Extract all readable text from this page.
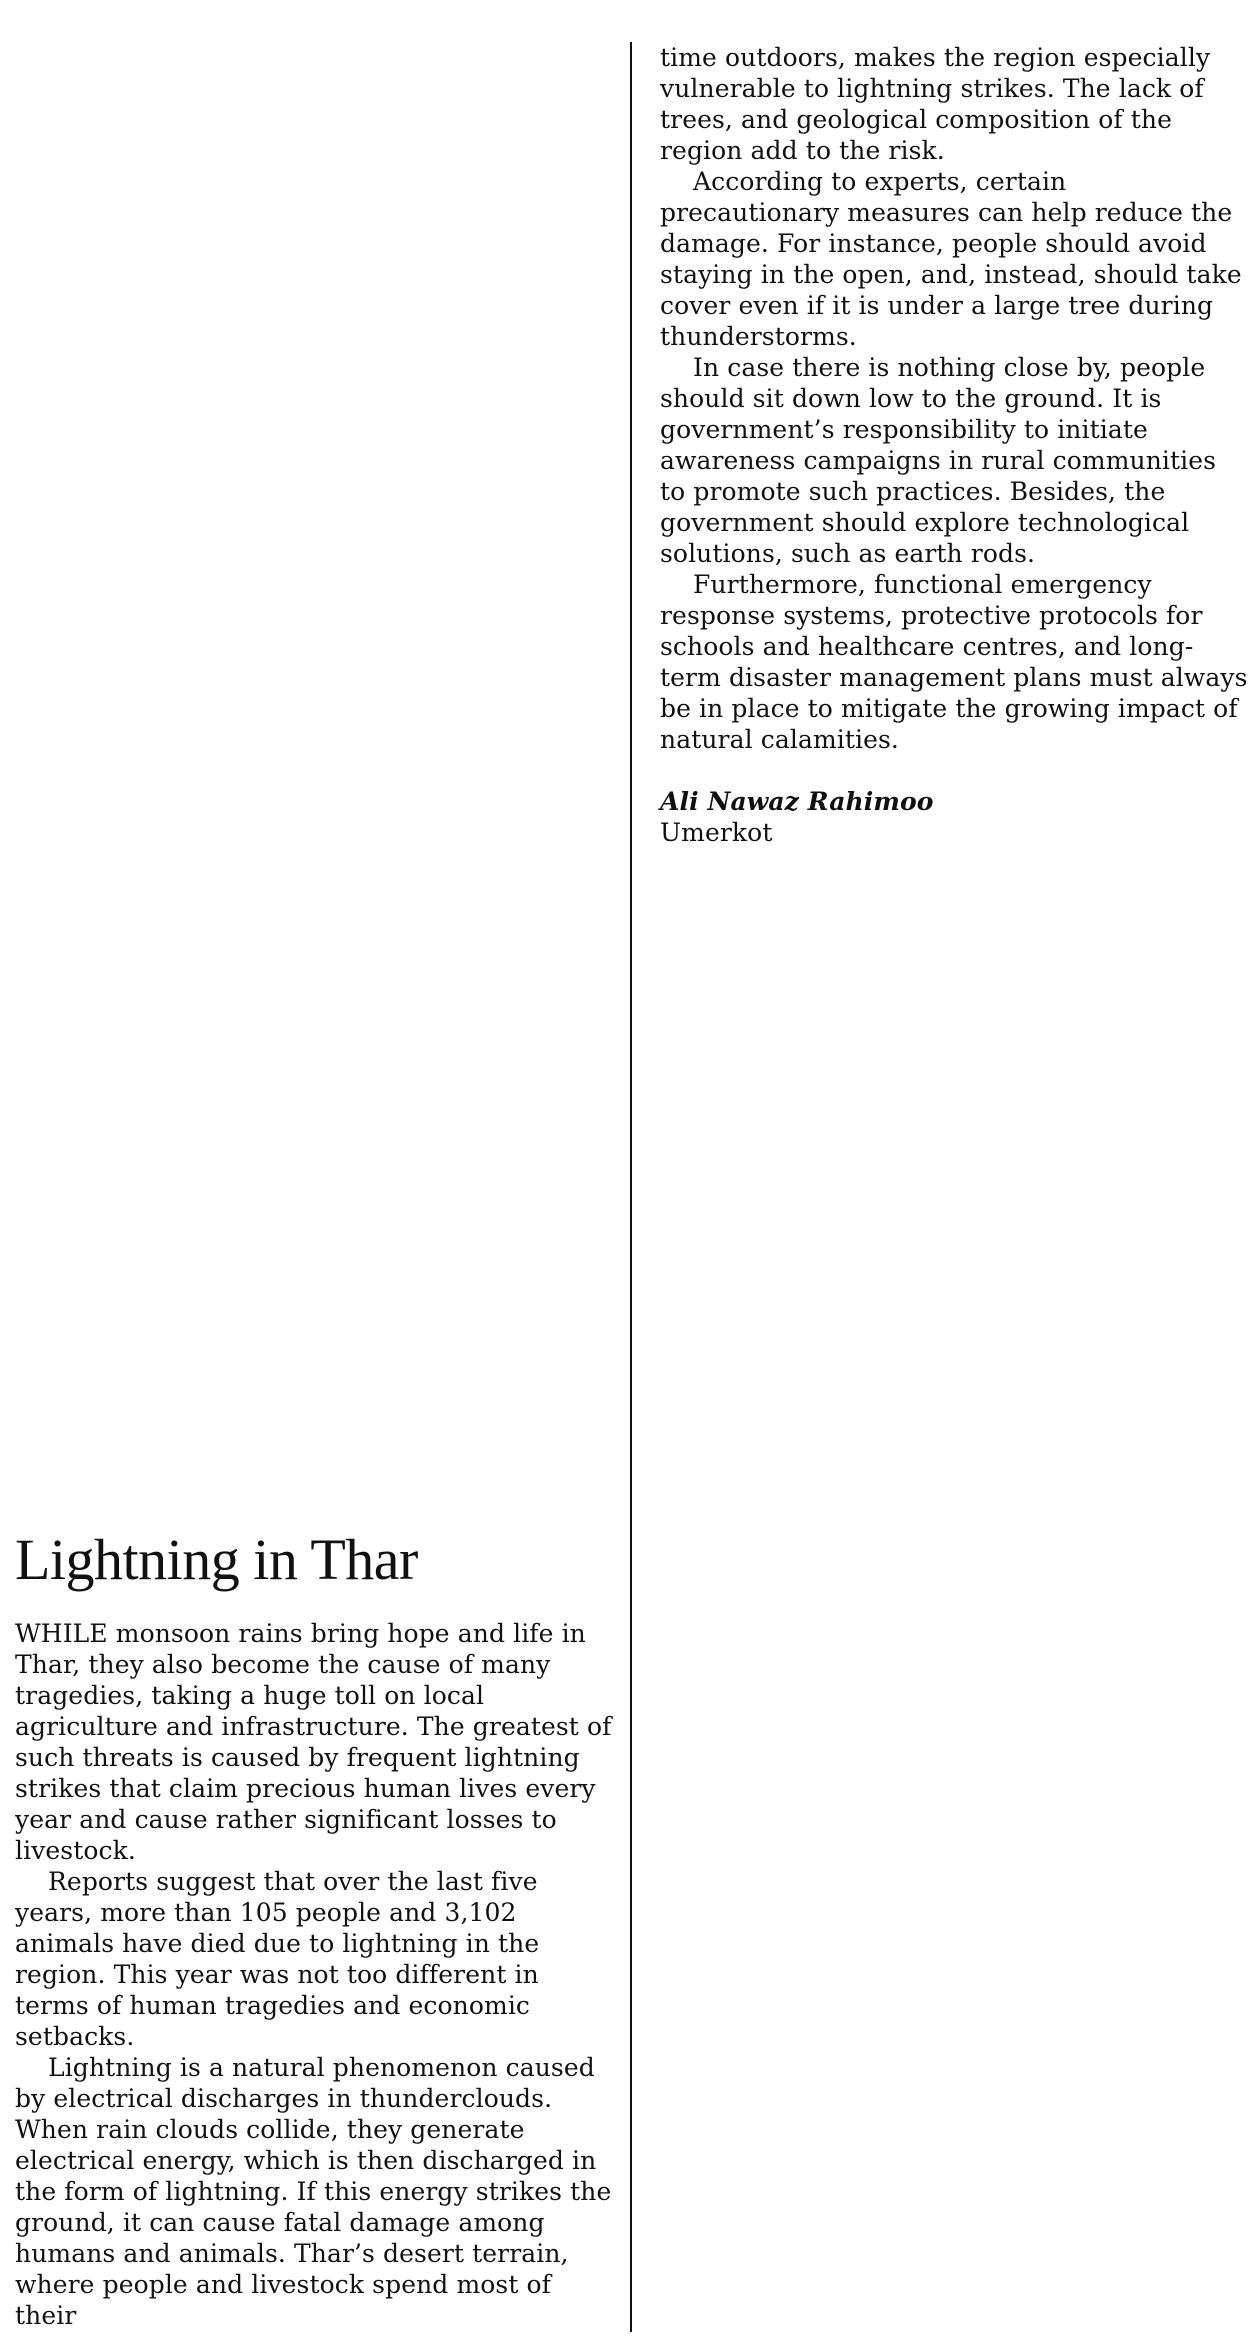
time outdoors, makes the region especially vulnerable to lightning strikes. The lack of trees, and geological composition of the region add to the risk.

According to experts, certain precautionary measures can help reduce the damage. For instance, people should avoid staying in the open, and, instead, should take cover even if it is under a large tree during thunderstorms.

In case there is nothing close by, people should sit down low to the ground. It is government’s responsibility to initiate awareness campaigns in rural communities to promote such practices. Besides, the government should explore technological solutions, such as earth rods.

Furthermore, functional emergency response systems, protective protocols for schools and healthcare centres, and long-term disaster management plans must always be in place to mitigate the growing impact of natural calamities.

Ali Nawaz Rahimoo
Umerkot
Lightning in Thar

WHILE monsoon rains bring hope and life in Thar, they also become the cause of many tragedies, taking a huge toll on local agriculture and infrastructure. The greatest of such threats is caused by frequent lightning strikes that claim precious human lives every year and cause rather significant losses to livestock.

Reports suggest that over the last five years, more than 105 people and 3,102 animals have died due to lightning in the region. This year was not too different in terms of human tragedies and economic setbacks.

Lightning is a natural phenomenon caused by electrical discharges in thunderclouds. When rain clouds collide, they generate electrical energy, which is then discharged in the form of lightning. If this energy strikes the ground, it can cause fatal damage among humans and animals. Thar’s desert terrain, where people and livestock spend most of their
